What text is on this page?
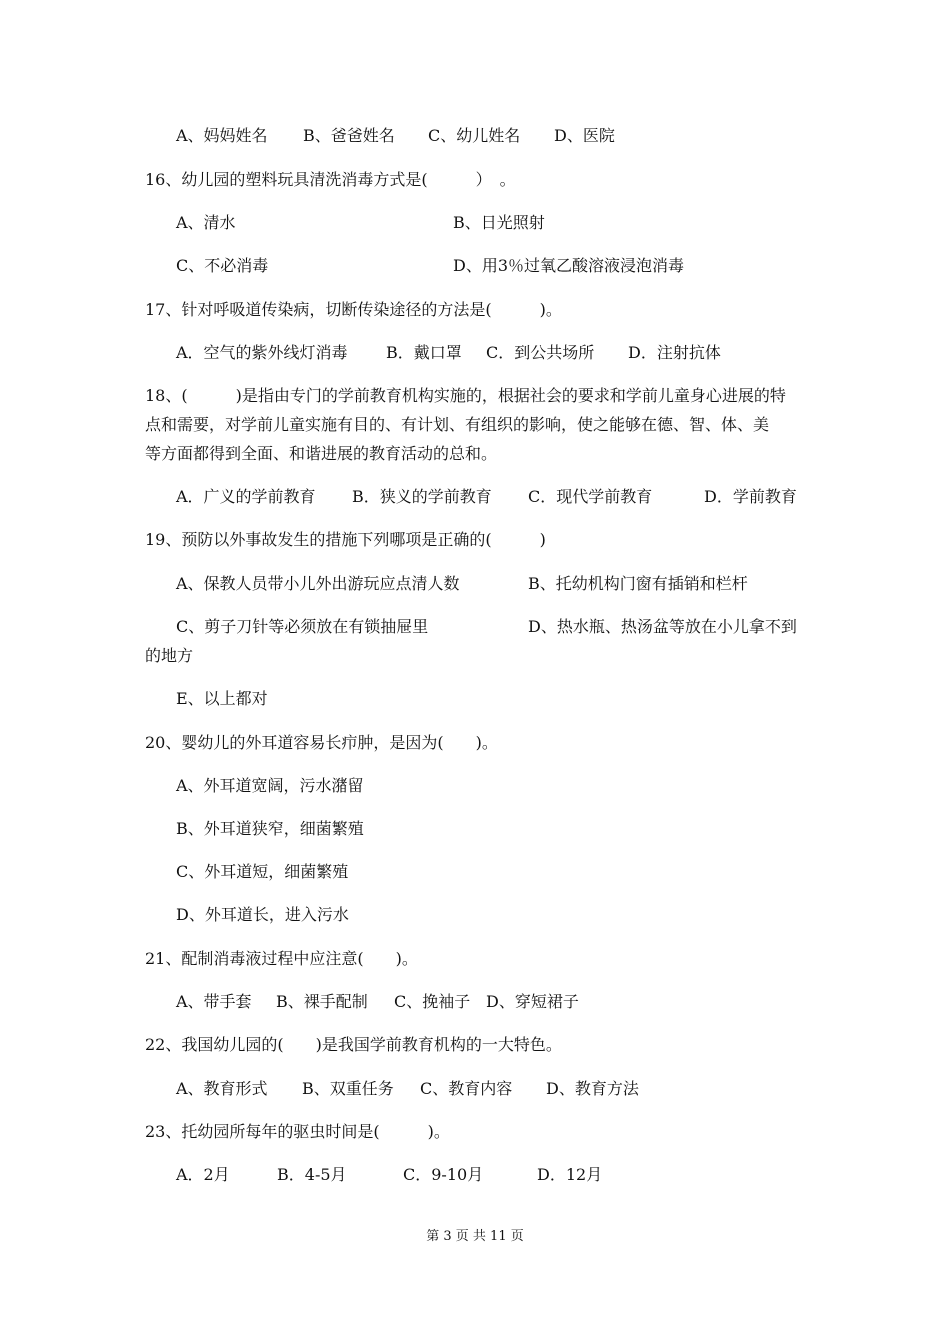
A、妈妈姓名 B、爸爸姓名 C、幼儿姓名 D、医院
16、幼儿园的塑料玩具清洗消毒方式是(　　　）　。
A、清水	B、日光照射
C、不必消毒	D、用3％过氧乙酸溶液浸泡消毒
17、针对呼吸道传染病，切断传染途径的方法是(　　　)。
A．空气的紫外线灯消毒 B．戴口罩 C．到公共场所 D．注射抗体
18、(　　　)是指由专门的学前教育机构实施的，根据社会的要求和学前儿童身心进展的特
点和需要，对学前儿童实施有目的、有计划、有组织的影响，使之能够在德、智、体、美
等方面都得到全面、和谐进展的教育活动的总和。
A．广义的学前教育 B．狭义的学前教育 C．现代学前教育	D．学前教育
19、预防以外事故发生的措施下列哪项是正确的(　　　)
A、保教人员带小儿外出游玩应点清人数	B、托幼机构门窗有插销和栏杆
C、剪子刀针等必须放在有锁抽屉里	D、热水瓶、热汤盆等放在小儿拿不到
的地方
E、以上都对
20、婴幼儿的外耳道容易长疖肿，是因为(　　)。
A、外耳道宽阔，污水潴留
B、外耳道狭窄，细菌繁殖
C、外耳道短，细菌繁殖
D、外耳道长，进入污水
21、配制消毒液过程中应注意(　　)。
A、带手套 B、裸手配制 C、挽袖子 D、穿短裙子
22、我国幼儿园的(　　)是我国学前教育机构的一大特色。
A、教育形式 B、双重任务 C、教育内容 D、教育方法
23、托幼园所每年的驱虫时间是(　　　)。
A．2月	B．4-5月	C．9-10月	D．12月
第 3 页 共 11 页
